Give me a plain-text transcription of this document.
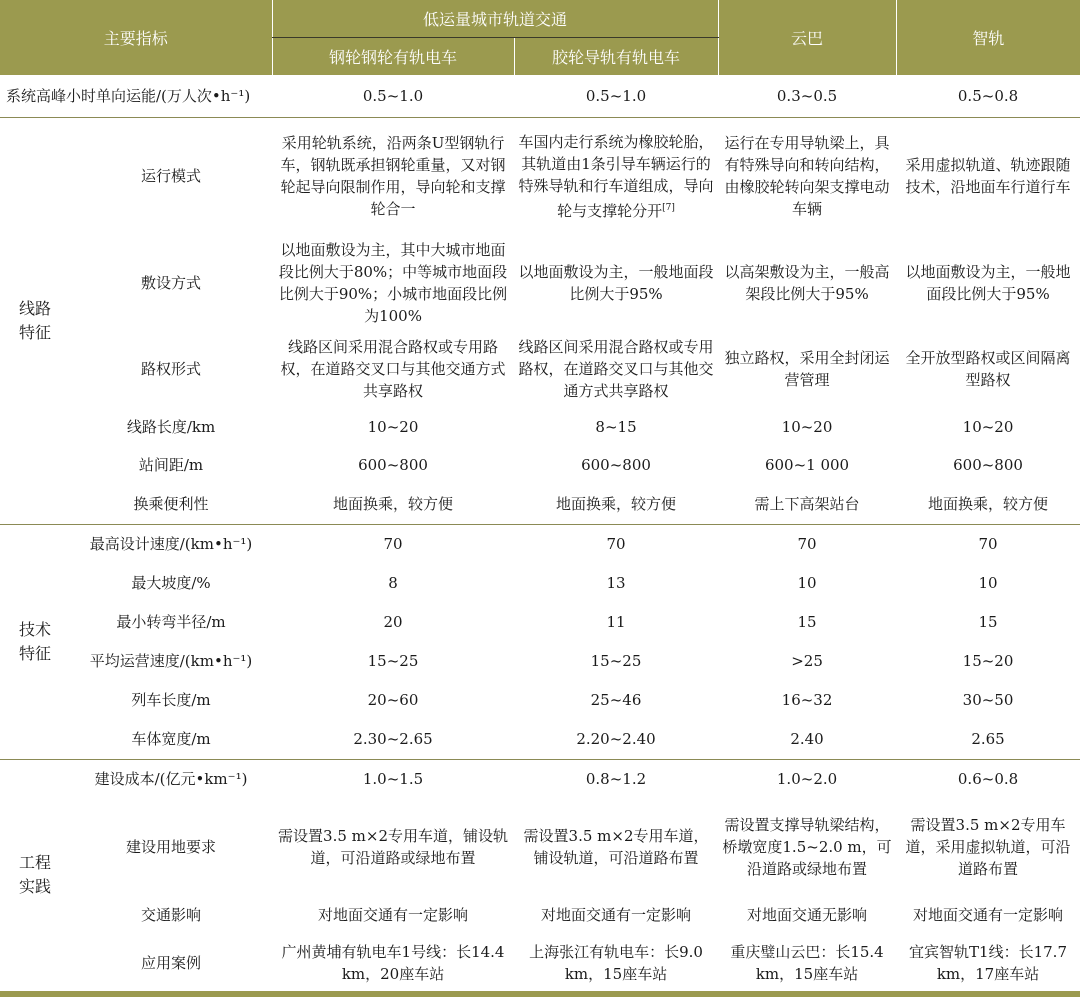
主要指标		低运量城市轨道交通		云巴	智轨
		钢轮钢轮有轨电车	胶轮导轨有轨电车		
系统高峰小时单向运能/(万人次•h⁻¹)		0.5~1.0	0.5~1.0	0.3~0.5	0.5~0.8

线路特征	运行模式	采用轮轨系统，沿两条U型钢轨行车，钢轨既承担钢轮重量，又对钢轮起导向限制作用，导向轮和支撑轮合一	车国内走行系统为橡胶轮胎，其轨道由1条引导车辆运行的特殊导轨和行车道组成，导向轮与支撑轮分开[7]	运行在专用导轨梁上，具有特殊导向和转向结构，由橡胶轮转向架支撑电动车辆	采用虚拟轨道、轨迹跟随技术，沿地面车行道行车
	敷设方式	以地面敷设为主，其中大城市地面段比例大于80%；中等城市地面段比例大于90%；小城市地面段比例为100%	以地面敷设为主，一般地面段比例大于95%	以高架敷设为主，一般高架段比例大于95%	以地面敷设为主，一般地面段比例大于95%
	路权形式	线路区间采用混合路权或专用路权，在道路交叉口与其他交通方式共享路权	线路区间采用混合路权或专用路权，在道路交叉口与其他交通方式共享路权	独立路权，采用全封闭运营管理	全开放型路权或区间隔离型路权
	线路长度/km	10~20	8~15	10~20	10~20
	站间距/m	600~800	600~800	600~1 000	600~800
	换乘便利性	地面换乘，较方便	地面换乘，较方便	需上下高架站台	地面换乘，较方便

技术特征	最高设计速度/(km•h⁻¹)	70	70	70	70
	最大坡度/%	8	13	10	10
	最小转弯半径/m	20	11	15	15
	平均运营速度/(km•h⁻¹)	15~25	15~25	>25	15~20
	列车长度/m	20~60	25~46	16~32	30~50
	车体宽度/m	2.30~2.65	2.20~2.40	2.40	2.65

工程实践	建设成本/(亿元•km⁻¹)	1.0~1.5	0.8~1.2	1.0~2.0	0.6~0.8
	建设用地要求	需设置3.5 m×2专用车道，铺设轨道，可沿道路或绿地布置	需设置3.5 m×2专用车道，铺设轨道，可沿道路布置	需设置支撑导轨梁结构，桥墩宽度1.5~2.0 m，可沿道路或绿地布置	需设置3.5 m×2专用车道，采用虚拟轨道，可沿道路布置
	交通影响	对地面交通有一定影响	对地面交通有一定影响	对地面交通无影响	对地面交通有一定影响
	应用案例	广州黄埔有轨电车1号线：长14.4 km，20座车站	上海张江有轨电车：长9.0 km，15座车站	重庆璧山云巴：长15.4 km，15座车站	宜宾智轨T1线：长17.7 km，17座车站
